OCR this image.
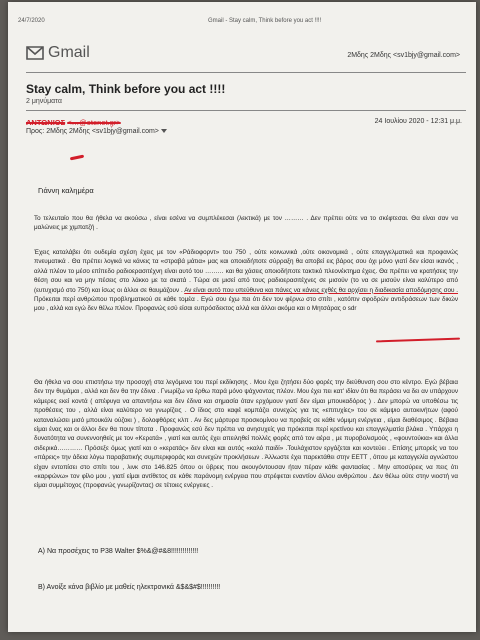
24/7/2020	Gmail - Stay calm, Think before you act !!!!
Gmail	2Μδης 2Μδης <sv1bjy@gmail.com>
Stay calm, Think before you act !!!!
2 μηνύματα
ΑΝΤΩΝΙΟΣ <…@otenet.gr>	24 Ιουλίου 2020 - 12:31 μ.μ.
Προς: 2Μδης 2Μδης <sv1bjy@gmail.com>
Γιάννη καλημέρα
Το τελευταίο που θα ήθελα να ακούσω , είναι εσένα να συμπλέκεσαι (λεκτικά) με τον ……… . Δεν πρέπει ούτε να το σκέφτεσαι. Θα είναι σαν να μαλώνεις με χιμπατζή .
Έχεις καταλάβει ότι ουδεμία σχέση έχεις με τον «Ράδιοφορντ» του 750 , ούτε κοινωνικά ,ούτε οικονομικά , ούτε επαγγελματικά και προφανώς πνευματικά . Θα πρέπει λογικά να κάνεις τα «στραβά μάτια» μας και οποιαδήποτε σύρραξη θα αποβεί εις βάρος σου όχι μόνο γιατί δεν είσαι ικανός , αλλά πλέον το μέσο επίπεδο ραδιοερασιτέχνη είναι αυτό του ……… και θα χάσεις οποιοδήποτε τακτικό πλεονέκτημα έχεις. Θα πρέπει να κρατήσεις την θέση σου και να μην πέσεις στο λάκκο με τα σκατά . Τώρα σε μισεί από τους ραδιοερασιτέχνες σε μισούν (το να σε μισούν είναι καλύτερο από (ευτυχισμό στο 750) και ίσως οι άλλοι σε θαυμάζουν . Αν είναι αυτό που υπεύθυνα και πάνες να κάνεις εχθές θα αρχίσει η διαδικασία αποδόμησης σου . Πρόκειται περί ανθρώπου προβληματικού σε κάθε τομέα . Εγώ σου έχω πει ότι δεν τον φέρνω στο σπίτι , κατόπιν σφοδρών αντιδράσεων των δικών μου , αλλά και εγώ δεν θέλω πλέον. Προφανώς εσύ είσαι ευπρόσδεκτος αλλά και άλλοι ακόμα και ο Μητσάρας ο sdr
Θα ήθελα να σου επιστήσω την προσοχή στα λεγόμενα του περί εκδίκησης . Μου έχει ζητήσει δύο φορές την διεύθυνση σου στο κέντρο. Εγώ βέβαια δεν την θυμάμαι , αλλά και δεν θα την έδινα . Γνωρίζω να έρθω παρά μόνο ψάχνοντας πλέον. Μου έχει πει κατ' ιδίαν ότι θα περάσει να δει αν υπάρχουν κάμερες εκεί κοντά ( απέφυγα να απαντήσω και δεν έδινα και σημασία όταν ερχόμουν γιατί δεν είμαι μπουκαδόρος ) . Δεν μπορώ να υποθέσω τις προθέσεις του , αλλά είναι καλύτερο να γνωρίζεις . Ο ίδιος στο καφέ κομπάζει συνεχώς για τις «επιτυχίες» του σε κάμψιο αυτοκινήτων (αφού καταναλώσει μισό μπουκάλι ούζοκι ) , δολοφθόρες κλπ . Αν δες μάρτυρα προσκομίνου να προβείς σε κάθε νόμιμη ενέργεια , είμαι διαθέσιμος . Βέβαια είμαι ένας και οι άλλοι δεν θα πουν τίποτα . Προφανώς εσύ δεν πρέπει να ανησυχείς για πρόκειται περί κρετίνου και επαγγελματία βλάκα . Υπάρχει η δυνατότητα να συνεννοηθείς με τον «Κερατά» , γιατί και αυτός έχει απειληθεί πολλές φορές από τον αέρα , με πυροβολισμούς , «φουντούκια» και άλλα σιδερικά………… Πρόσεξε όμως γιατί και ο «κερατάς» δεν είναι και αυτός «καλό παιδί» .Τουλάχιστον εργάζεται και κοντεύει . Επίσης μπορείς να του «πάρεις» την άδεια λόγω παραβατικής συμπεριφοράς και συνεχών προκλήσεων . Άλλωστε έχει παρεκτάθει στην ΕΕΤΤ , όπου με καταγγελία αγνώστου είχαν εντοπίσει στο σπίτι του , λινκ στο 146.825 όπου οι ύβρεις που ακουγόντουσαν ήταν πέραν κάθε φαντασίας . Μην αποσύρεις να πεις ότι «καρφώνω» τον φίλο μου , γιατί είμαι αντίθετος σε κάθε παράνομη ενέργεια που στρέφεται εναντίον άλλου ανθρώπου . Δεν θέλω ούτε στην νιοστή να είμαι συμμέτοχος (προφανώς γνωρίζοντας) σε τέτοιες ενέργειες .
Α) Να προσέχεις το P38 Walter $%&@#&8!!!!!!!!!!!!!!
Β) Ανοίξε κάνα βιβλίο με μαθείς ηλεκτρονικά &$&$#$!!!!!!!!!!
